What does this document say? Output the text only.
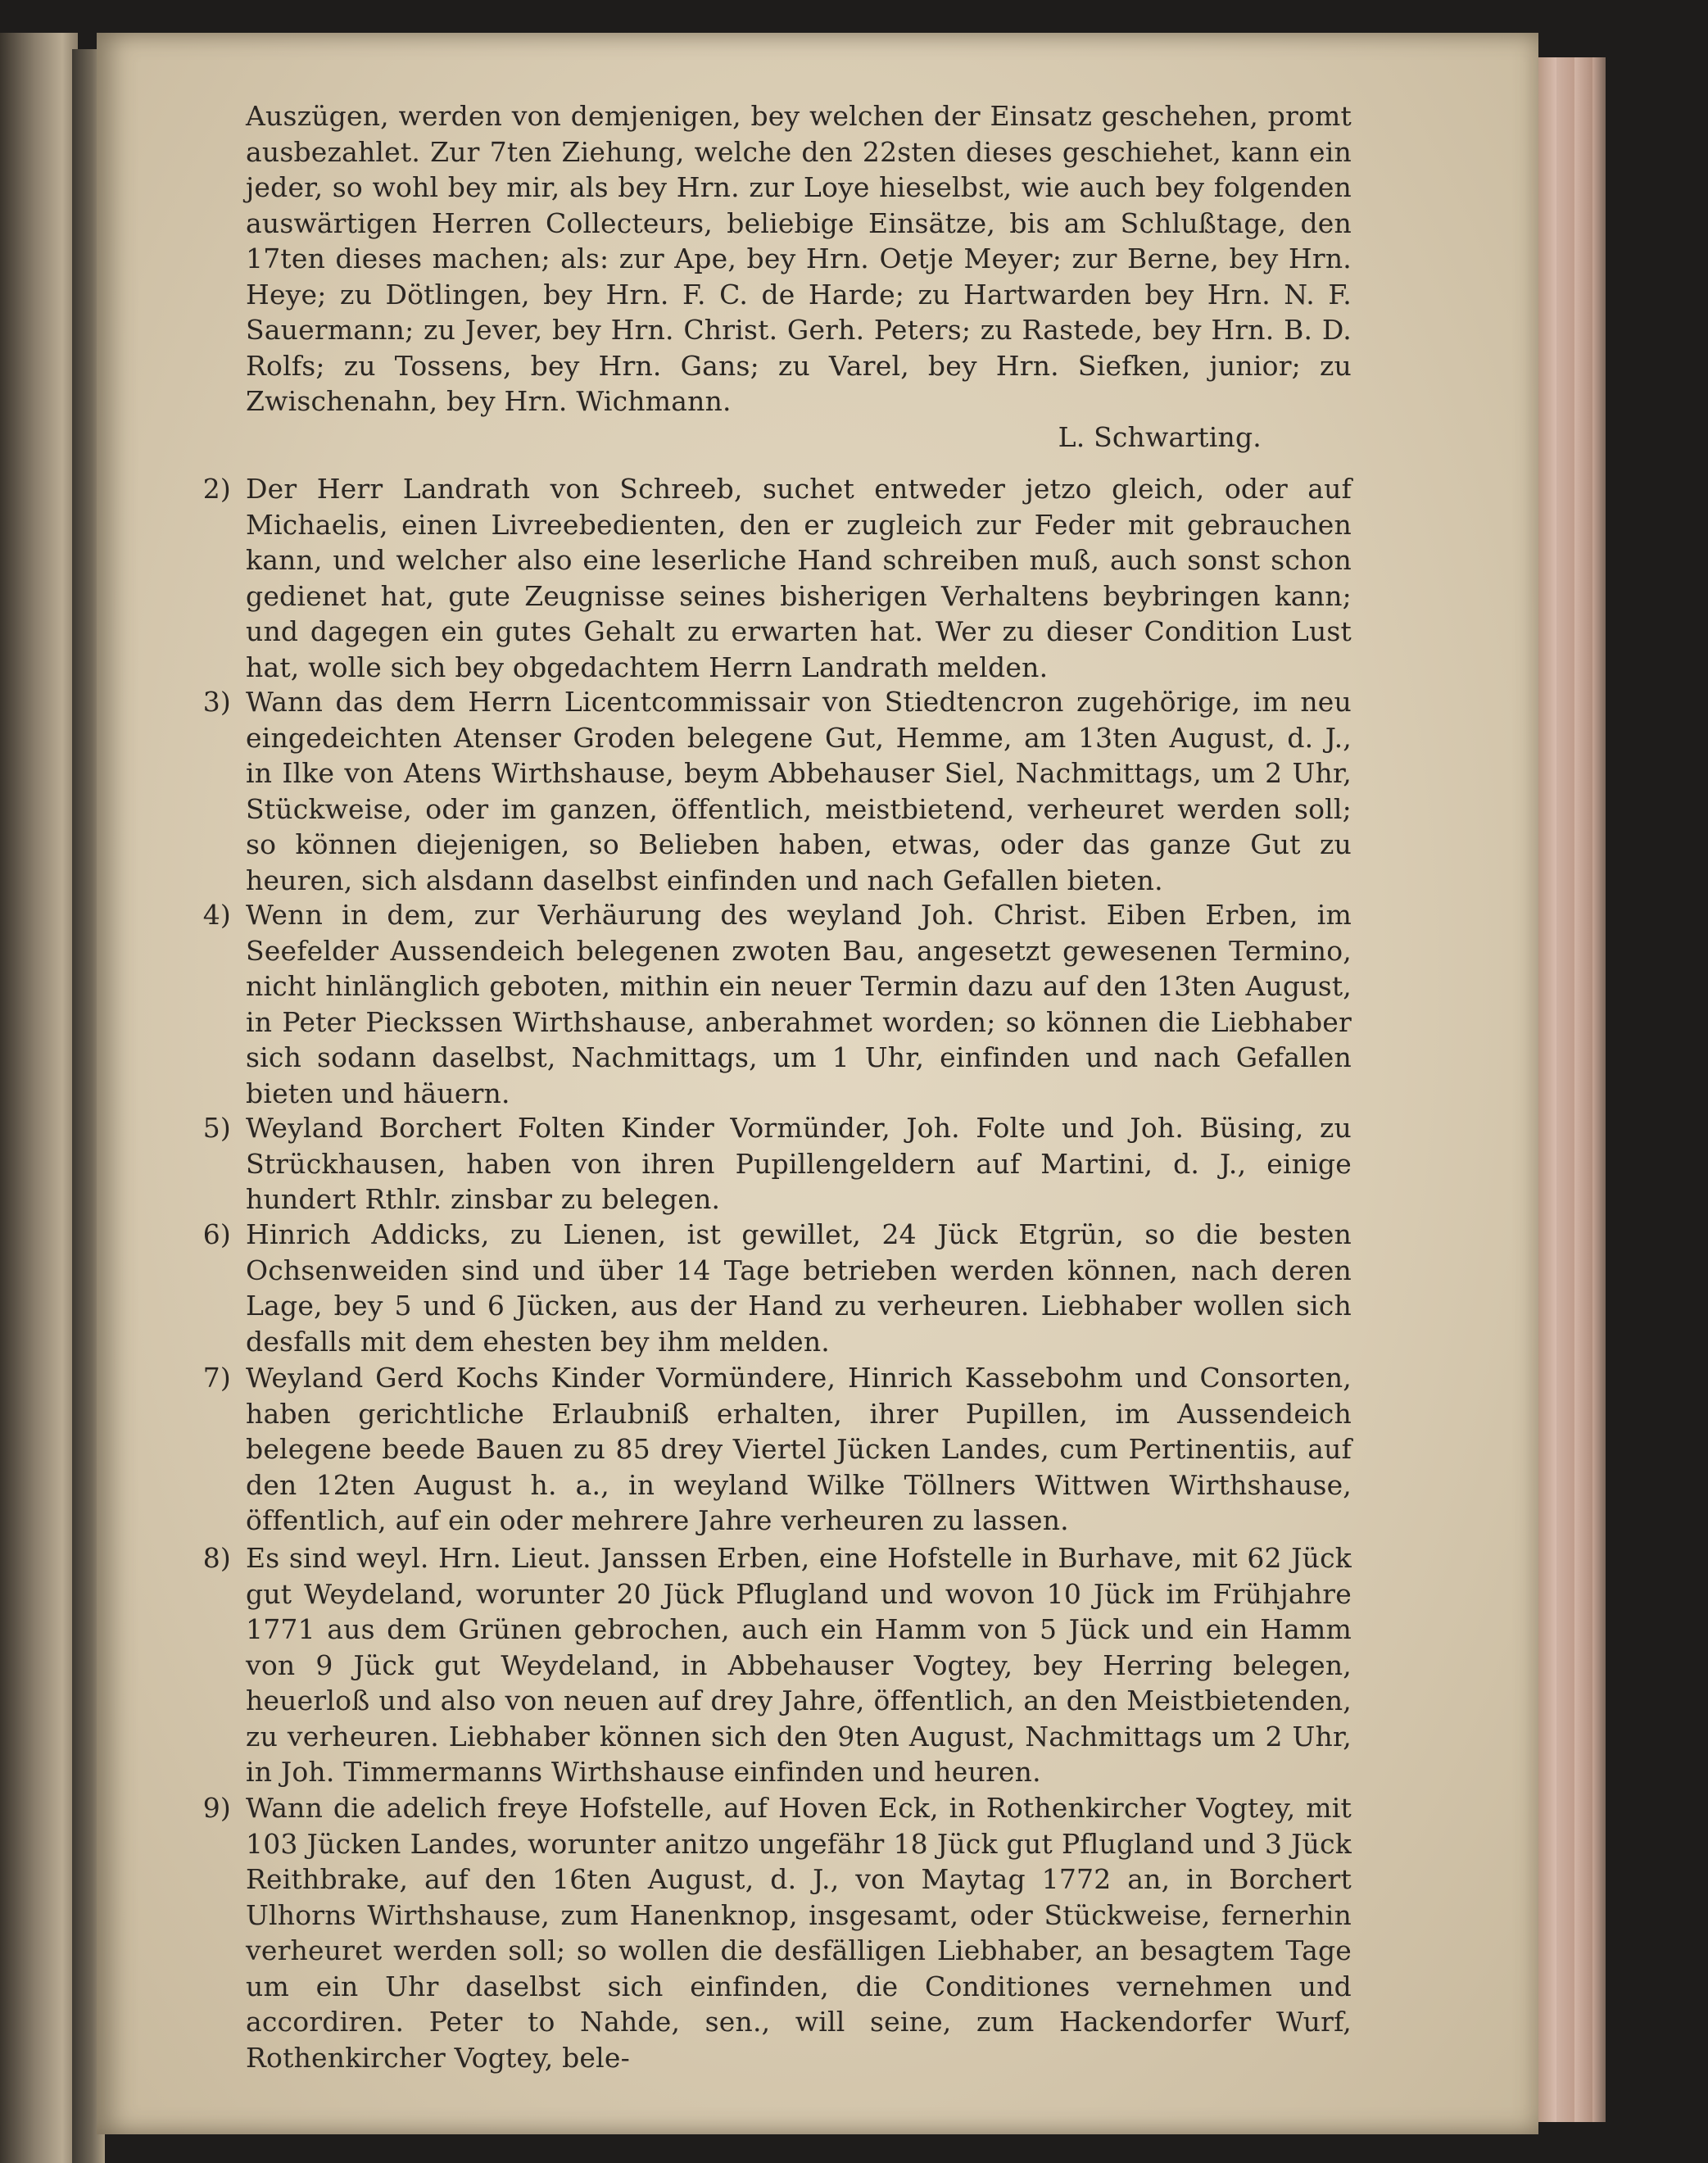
Auszügen, werden von demjenigen, bey welchen der Einsatz geschehen, promt ausbezahlet. Zur 7ten Ziehung, welche den 22sten dieses geschiehet, kann ein jeder, so wohl bey mir, als bey Hrn. zur Loye hieselbst, wie auch bey folgenden auswärtigen Herren Collecteurs, beliebige Einsätze, bis am Schlußtage, den 17ten dieses machen; als: zur Ape, bey Hrn. Oetje Meyer; zur Berne, bey Hrn. Heye; zu Dötlingen, bey Hrn. F. C. de Harde; zu Hartwarden bey Hrn. N. F. Sauermann; zu Jever, bey Hrn. Christ. Gerh. Peters; zu Rastede, bey Hrn. B. D. Rolfs; zu Tossens, bey Hrn. Gans; zu Varel, bey Hrn. Siefken, junior; zu Zwischenahn, bey Hrn. Wichmann.

L. Schwarting.

2) Der Herr Landrath von Schreeb, suchet entweder jetzo gleich, oder auf Michaelis, einen Livreebedienten, den er zugleich zur Feder mit gebrauchen kann, und welcher also eine leserliche Hand schreiben muß, auch sonst schon gedienet hat, gute Zeugnisse seines bisherigen Verhaltens beybringen kann; und dagegen ein gutes Gehalt zu erwarten hat. Wer zu dieser Condition Lust hat, wolle sich bey obgedachtem Herrn Landrath melden.

3) Wann das dem Herrn Licentcommissair von Stiedtencron zugehörige, im neu eingedeichten Atenser Groden belegene Gut, Hemme, am 13ten August, d. J., in Ilke von Atens Wirthshause, beym Abbehauser Siel, Nachmittags, um 2 Uhr, Stückweise, oder im ganzen, öffentlich, meistbietend, verheuret werden soll; so können diejenigen, so Belieben haben, etwas, oder das ganze Gut zu heuren, sich alsdann daselbst einfinden und nach Gefallen bieten.

4) Wenn in dem, zur Verhäurung des weyland Joh. Christ. Eiben Erben, im Seefelder Aussendeich belegenen zwoten Bau, angesetzt gewesenen Termino, nicht hinlänglich geboten, mithin ein neuer Termin dazu auf den 13ten August, in Peter Pieckssen Wirthshause, anberahmet worden; so können die Liebhaber sich sodann daselbst, Nachmittags, um 1 Uhr, einfinden und nach Gefallen bieten und häuern.

5) Weyland Borchert Folten Kinder Vormünder, Joh. Folte und Joh. Büsing, zu Strückhausen, haben von ihren Pupillengeldern auf Martini, d. J., einige hundert Rthlr. zinsbar zu belegen.

6) Hinrich Addicks, zu Lienen, ist gewillet, 24 Jück Etgrün, so die besten Ochsenweiden sind und über 14 Tage betrieben werden können, nach deren Lage, bey 5 und 6 Jücken, aus der Hand zu verheuren. Liebhaber wollen sich desfalls mit dem ehesten bey ihm melden.

7) Weyland Gerd Kochs Kinder Vormündere, Hinrich Kassebohm und Consorten, haben gerichtliche Erlaubniß erhalten, ihrer Pupillen, im Aussendeich belegene beede Bauen zu 85 drey Viertel Jücken Landes, cum Pertinentiis, auf den 12ten August h. a., in weyland Wilke Töllners Wittwen Wirthshause, öffentlich, auf ein oder mehrere Jahre verheuren zu lassen.

8) Es sind weyl. Hrn. Lieut. Janssen Erben, eine Hofstelle in Burhave, mit 62 Jück gut Weydeland, worunter 20 Jück Pflugland und wovon 10 Jück im Frühjahre 1771 aus dem Grünen gebrochen, auch ein Hamm von 5 Jück und ein Hamm von 9 Jück gut Weydeland, in Abbehauser Vogtey, bey Herring belegen, heuerloß und also von neuen auf drey Jahre, öffentlich, an den Meistbietenden, zu verheuren. Liebhaber können sich den 9ten August, Nachmittags um 2 Uhr, in Joh. Timmermanns Wirthshause einfinden und heuren.

9) Wann die adelich freye Hofstelle, auf Hoven Eck, in Rothenkircher Vogtey, mit 103 Jücken Landes, worunter anitzo ungefähr 18 Jück gut Pflugland und 3 Jück Reithbrake, auf den 16ten August, d. J., von Maytag 1772 an, in Borchert Ulhorns Wirthshause, zum Hanenknop, insgesamt, oder Stückweise, fernerhin verheuret werden soll; so wollen die desfälligen Liebhaber, an besagtem Tage um ein Uhr daselbst sich einfinden, die Conditiones vernehmen und accordiren. Peter to Nahde, sen., will seine, zum Hackendorfer Wurf, Rothenkircher Vogtey, bele-
